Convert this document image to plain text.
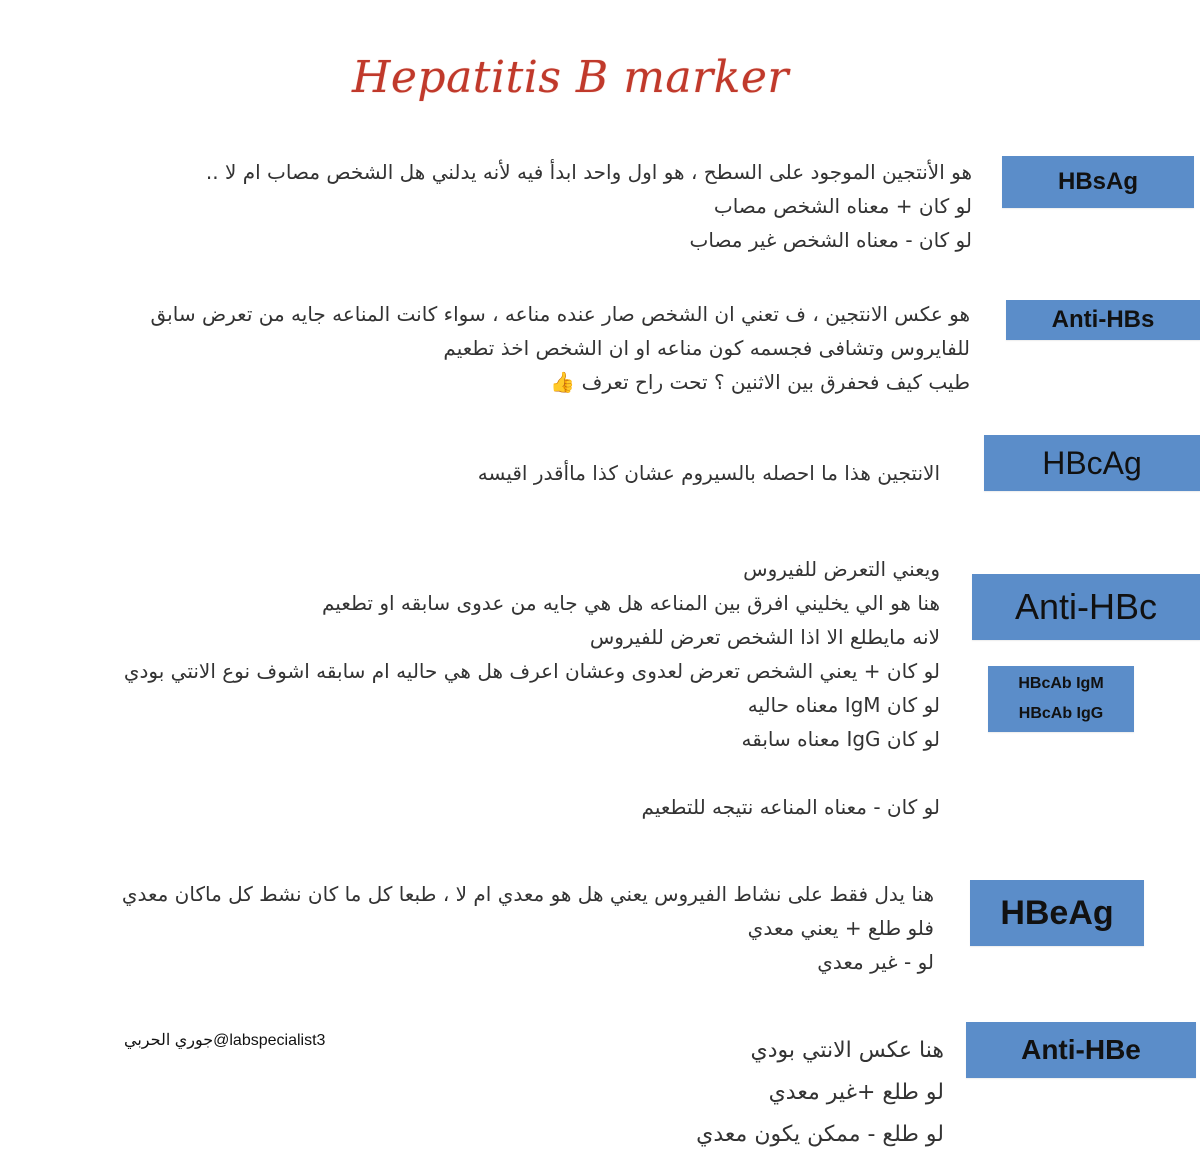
Hepatitis B marker
HBsAg
هو الأنتجين الموجود على السطح ، هو اول واحد ابدأ فيه لأنه يدلني هل الشخص مصاب ام لا ..
لو كان + معناه الشخص مصاب
لو كان - معناه الشخص غير مصاب
Anti-HBs
هو عكس الانتجين ، ف تعني ان الشخص صار عنده مناعه ، سواء كانت المناعه جايه من تعرض سابق
للفايروس وتشافى فجسمه كون مناعه او ان الشخص اخذ تطعيم
طيب كيف فحفرق بين الاثنين ؟ تحت راح تعرف 👍
HBcAg
الانتجين هذا ما احصله بالسيروم عشان كذا ماأقدر اقيسه
Anti-HBc
HBcAb IgM
HBcAb IgG
ويعني التعرض للفيروس
هنا هو الي يخليني افرق بين المناعه هل هي جايه من عدوى سابقه او تطعيم
لانه مايطلع الا اذا الشخص تعرض للفيروس
لو كان + يعني الشخص تعرض لعدوى وعشان اعرف هل هي حاليه ام سابقه اشوف نوع الانتي بودي
لو كان IgM معناه حاليه
لو كان IgG معناه سابقه
لو كان - معناه المناعه نتيجه للتطعيم
HBeAg
هنا يدل فقط على نشاط الفيروس يعني هل هو معدي ام لا ، طبعا كل ما كان نشط كل ماكان معدي
فلو طلع + يعني معدي
لو - غير معدي
جوري الحربي@labspecialist3	Anti-HBe
هنا عكس الانتي بودي
لو طلع +غير معدي
لو طلع - ممكن يكون معدي
